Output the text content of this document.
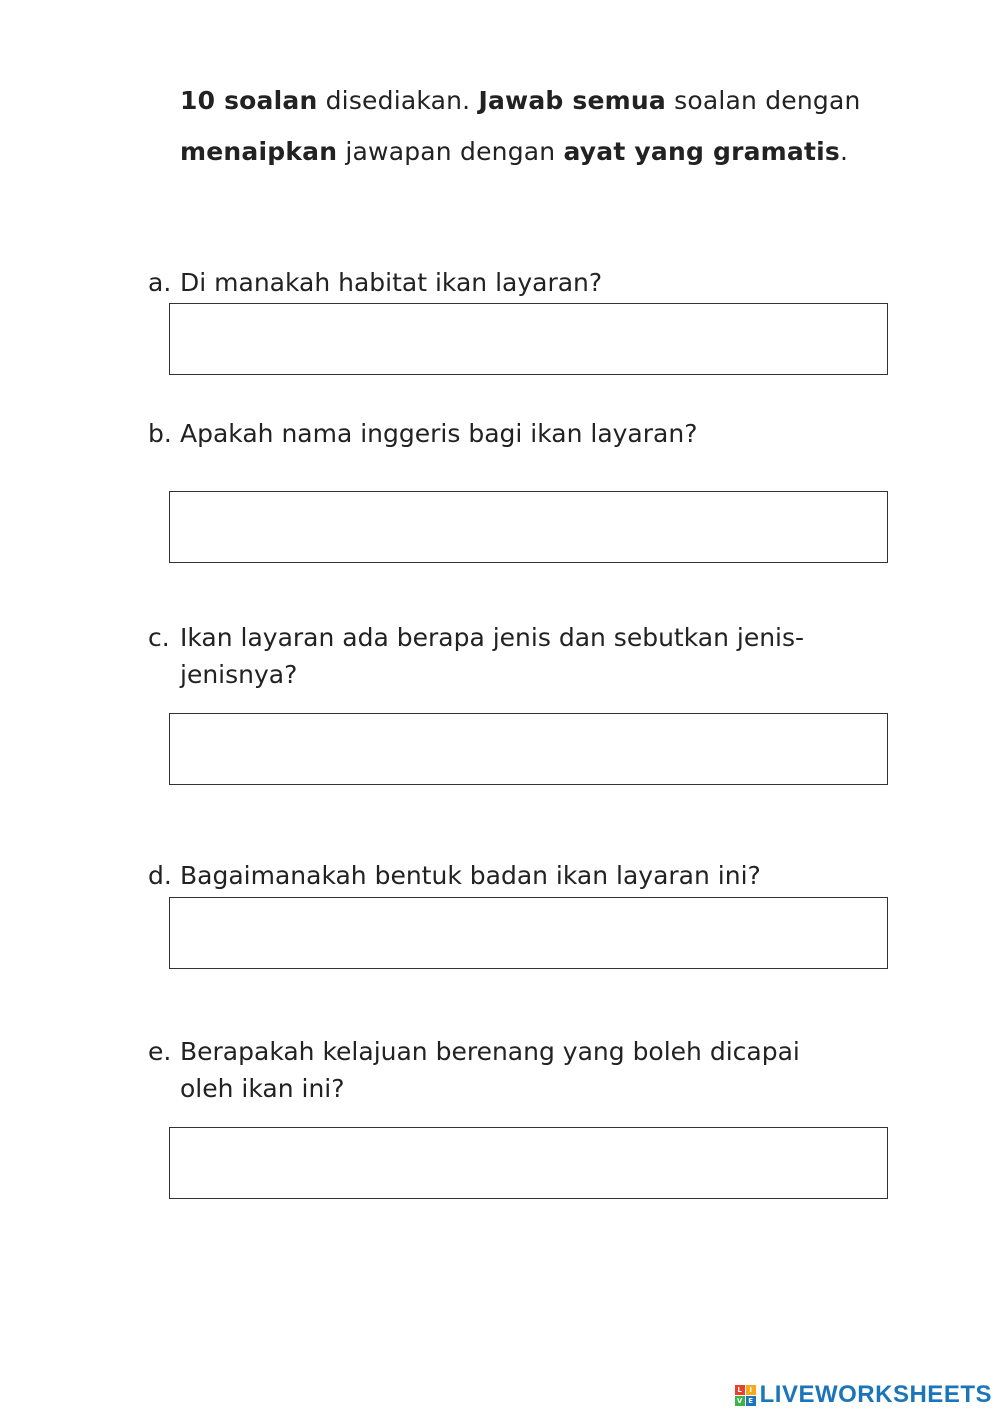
10 soalan disediakan. Jawab semua soalan dengan
menaipkan jawapan dengan ayat yang gramatis.
a. Di manakah habitat ikan layaran?
b. Apakah nama inggeris bagi ikan layaran?
c. Ikan layaran ada berapa jenis dan sebutkan jenis-
jenisnya?
d. Bagaimanakah bentuk badan ikan layaran ini?
e. Berapakah kelajuan berenang yang boleh dicapai
oleh ikan ini?
L	I
V E LIVEWORKSHEETS
